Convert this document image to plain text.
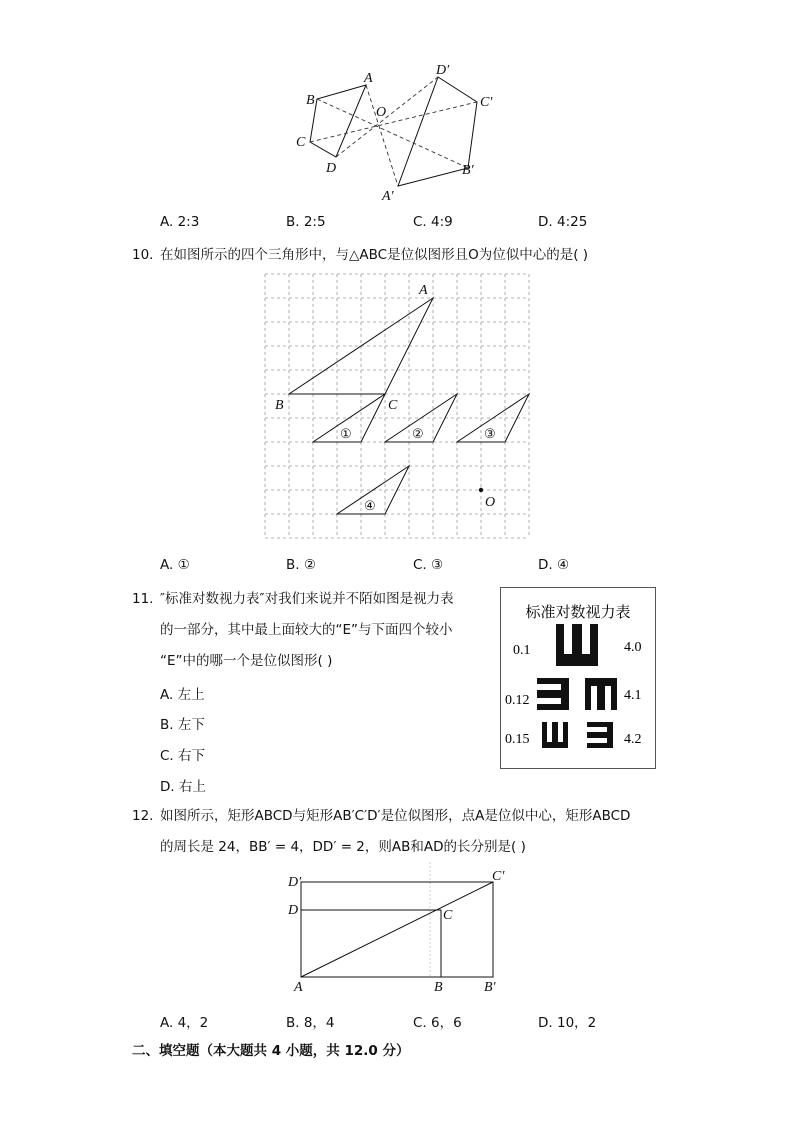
A
B
C
D
O
A′
B′
C′
D′
A. 2:3	B. 2:5	C. 4:9	D. 4:25
10. 在如图所示的四个三角形中，与△ABC是位似图形且O为位似中心的是( )
A
B	C
O
①	②	③
④
A. ①	B. ②	C. ③	D. ④
11. ″标准对数视力表″对我们来说并不陌如图是视力表
的一部分，其中最上面较大的“E”与下面四个较小
“E”中的哪一个是位似图形( )
A. 左上
B. 左下
C. 右下
D. 右上
标准对数视力表
0.1	4.0
0.12	4.1
0.15	4.2
12. 如图所示，矩形ABCD与矩形AB′C′D′是位似图形，点A是位似中心，矩形ABCD
的周长是 24，BB′ = 4，DD′ = 2，则AB和AD的长分别是( )
D′
D	C
C′
A	B	B′
A. 4，2	B. 8，4	C. 6，6	D. 10，2
二、填空题（本大题共 4 小题，共 12.0 分）
